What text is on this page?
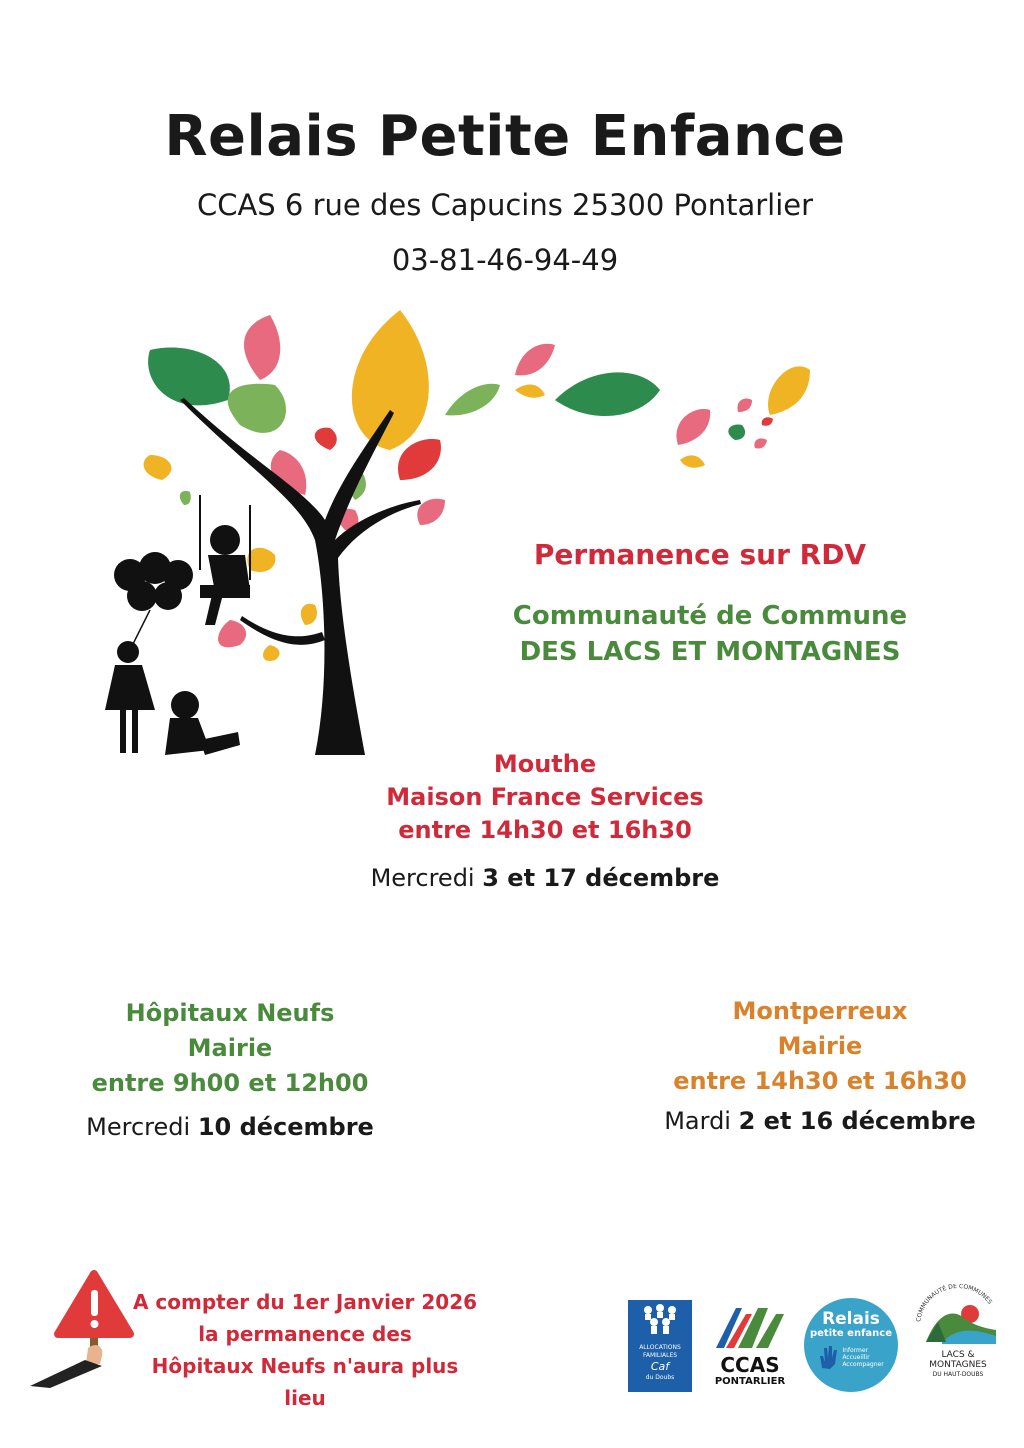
Relais Petite Enfance
CCAS 6 rue des Capucins 25300 Pontarlier
03-81-46-94-49
Permanence sur RDV
Communauté de Commune
DES LACS ET MONTAGNES
Mouthe
Maison France Services
entre 14h30 et 16h30
Mercredi 3 et 17 décembre
Hôpitaux Neufs
Mairie
entre 9h00 et 12h00
Mercredi 10 décembre
Montperreux
Mairie
entre 14h30 et 16h30
Mardi 2 et 16 décembre
A compter du 1er Janvier 2026
la permanence des
Hôpitaux Neufs n'aura plus lieu
ALLOCATIONS
FAMILIALES
Caf
du Doubs
CCAS
PONTARLIER
Relais
petite enfance
Informer
Accueillir
Accompagner
COMMUNAUTÉ DE COMMUNES
LACS &
MONTAGNES
DU HAUT-DOUBS
